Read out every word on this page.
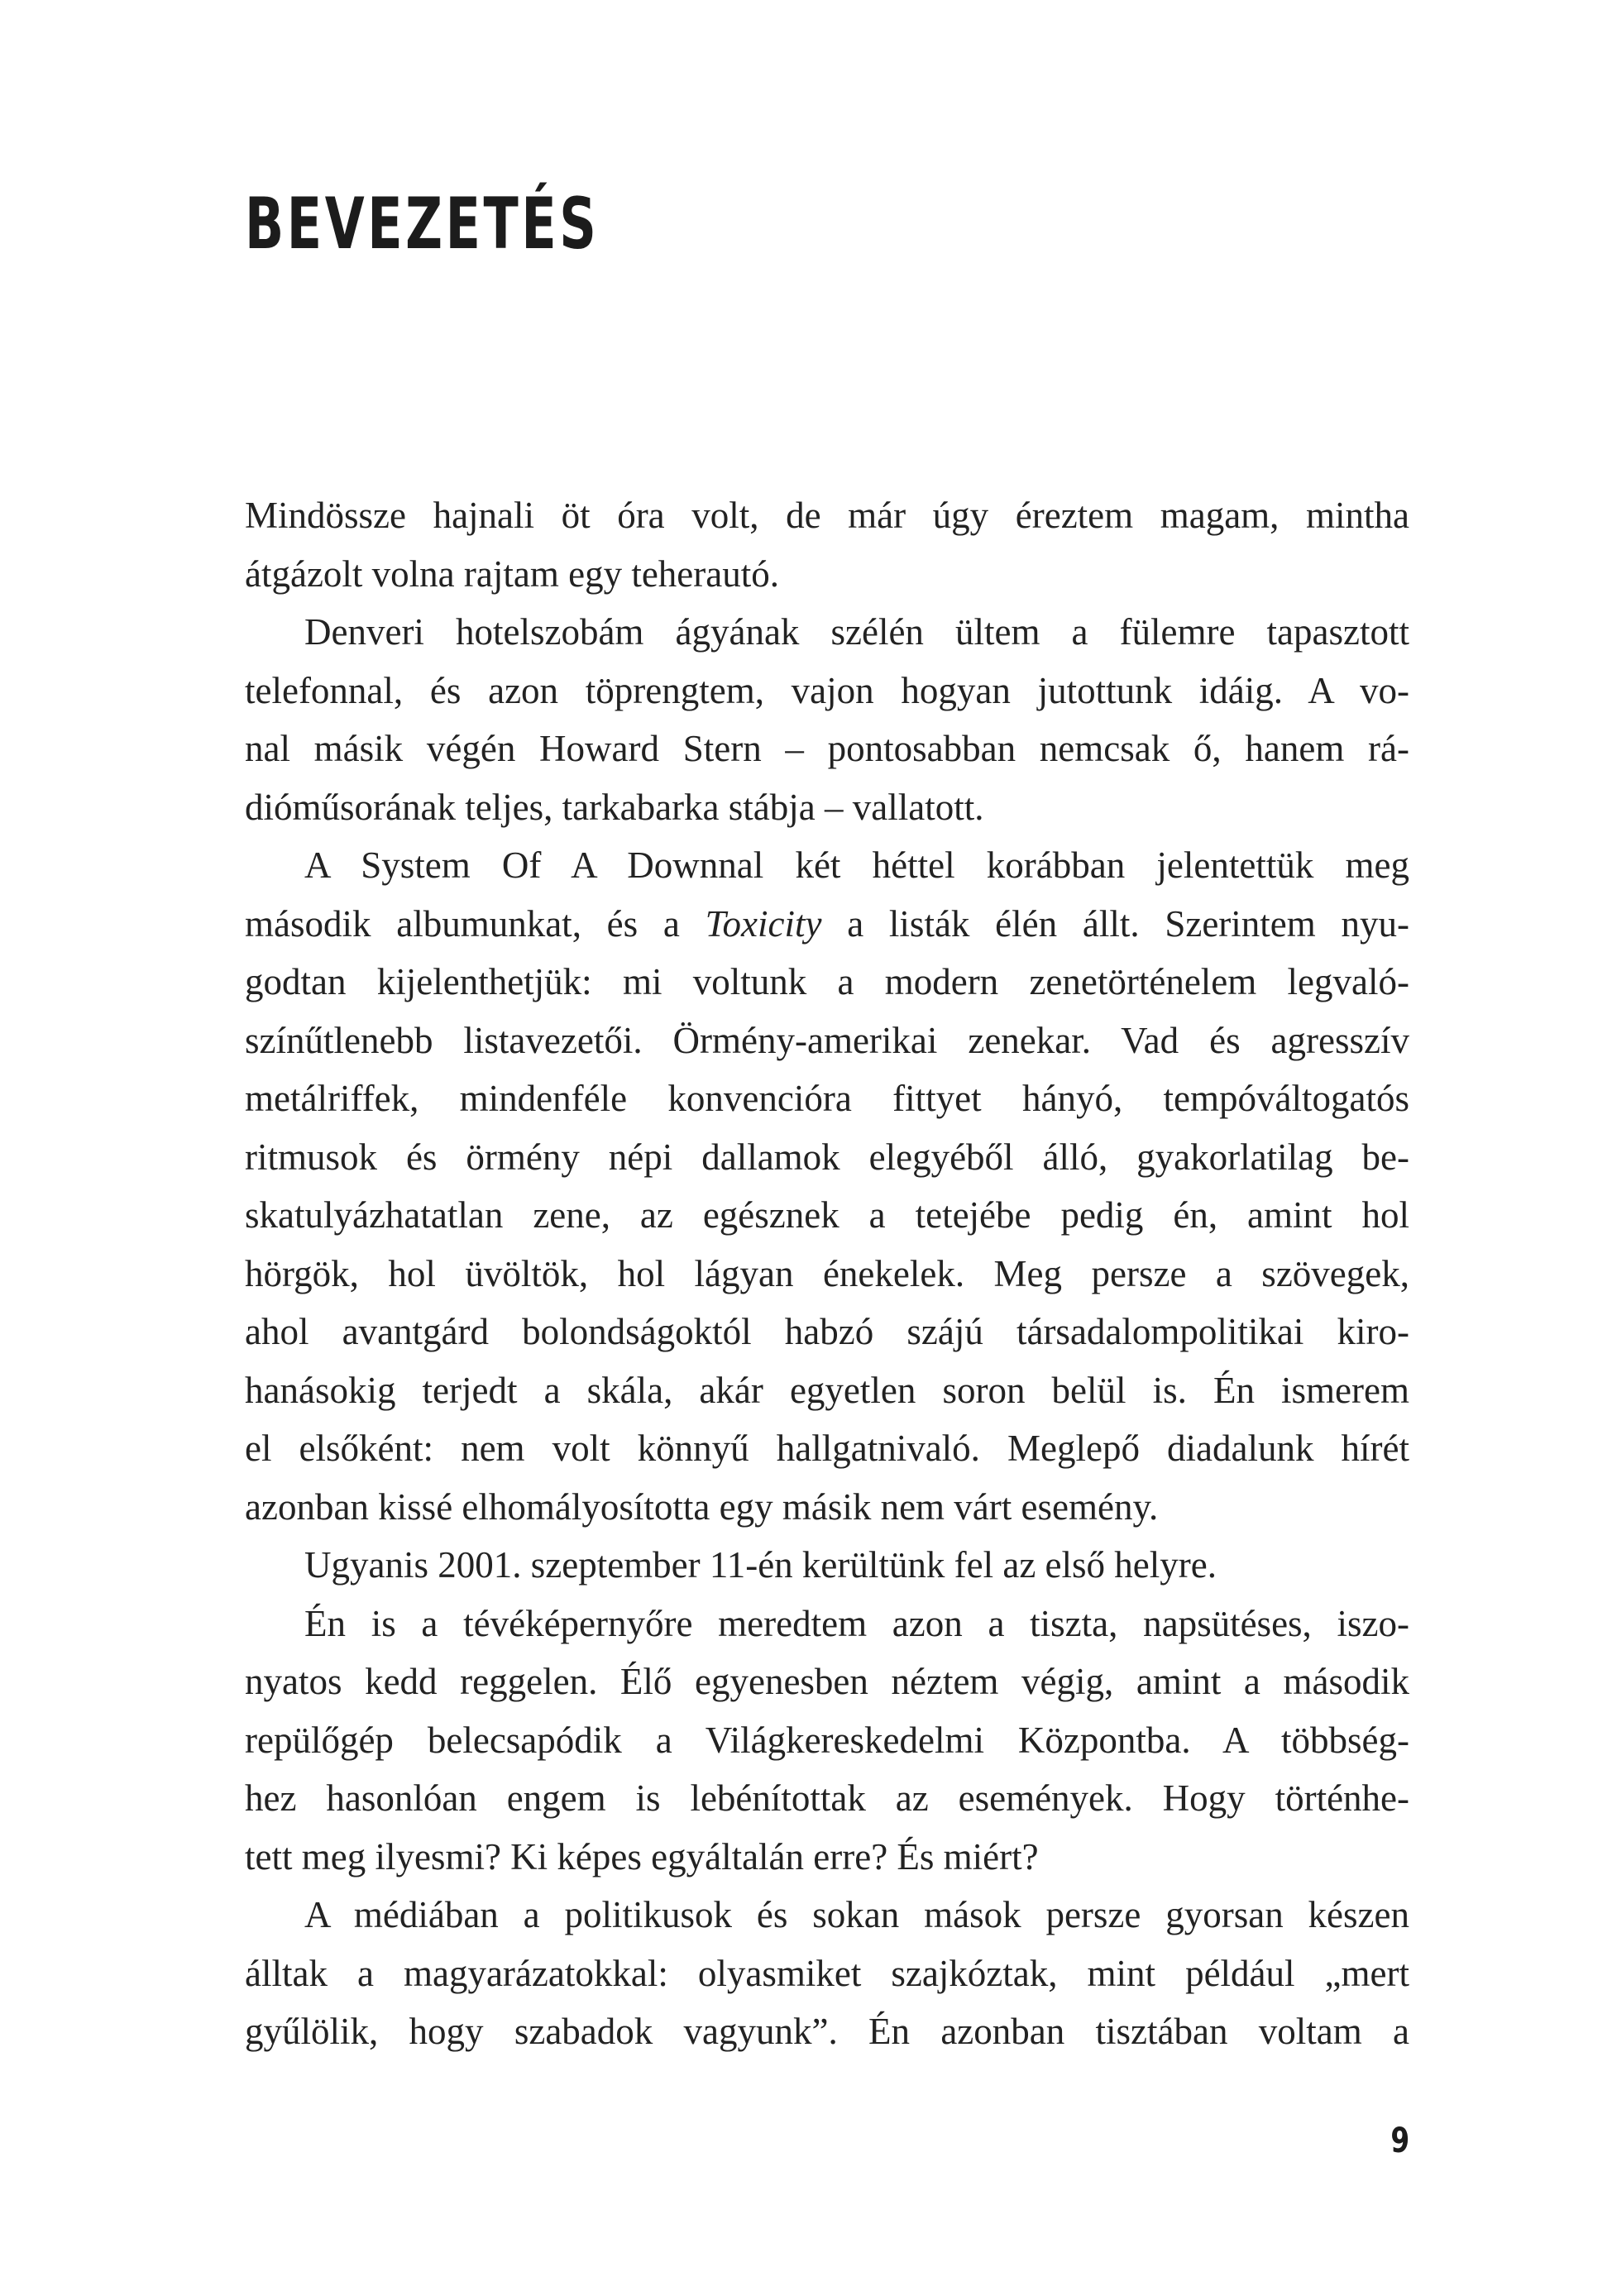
BEVEZETÉS
Mindössze hajnali öt óra volt, de már úgy éreztem magam, mintha
átgázolt volna rajtam egy teherautó.
Denveri hotelszobám ágyának szélén ültem a fülemre tapasztott
telefonnal, és azon töprengtem, vajon hogyan jutottunk idáig. A vo-
nal másik végén Howard Stern – pontosabban nemcsak ő, hanem rá-
dióműsorának teljes, tarkabarka stábja – vallatott.
A System Of A Downnal két héttel korábban jelentettük meg
második albumunkat, és a Toxicity a listák élén állt. Szerintem nyu-
godtan kijelenthetjük: mi voltunk a modern zenetörténelem legvaló-
színűtlenebb listavezetői. Örmény-amerikai zenekar. Vad és agresszív
metálriffek, mindenféle konvencióra fittyet hányó, tempóváltogatós
ritmusok és örmény népi dallamok elegyéből álló, gyakorlatilag be-
skatulyázhatatlan zene, az egésznek a tetejébe pedig én, amint hol
hörgök, hol üvöltök, hol lágyan énekelek. Meg persze a szövegek,
ahol avantgárd bolondságoktól habzó szájú társadalompolitikai kiro-
hanásokig terjedt a skála, akár egyetlen soron belül is. Én ismerem
el elsőként: nem volt könnyű hallgatnivaló. Meglepő diadalunk hírét
azonban kissé elhomályosította egy másik nem várt esemény.
Ugyanis 2001. szeptember 11-én kerültünk fel az első helyre.
Én is a tévéképernyőre meredtem azon a tiszta, napsütéses, iszo-
nyatos kedd reggelen. Élő egyenesben néztem végig, amint a második
repülőgép belecsapódik a Világkereskedelmi Központba. A többség-
hez hasonlóan engem is lebénítottak az események. Hogy történhe-
tett meg ilyesmi? Ki képes egyáltalán erre? És miért?
A médiában a politikusok és sokan mások persze gyorsan készen
álltak a magyarázatokkal: olyasmiket szajkóztak, mint például „mert
gyűlölik, hogy szabadok vagyunk”. Én azonban tisztában voltam a
9
